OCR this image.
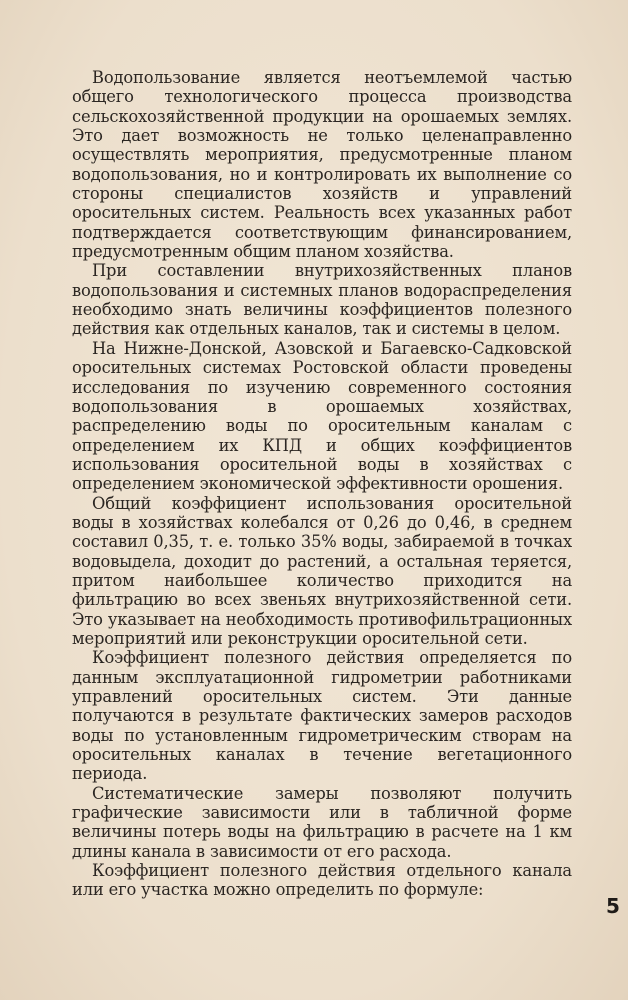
Водопользование является неотъемлемой частью общего технологического процесса производства сельскохозяйственной продукции на орошаемых землях. Это дает возможность не только целенаправленно осуществлять мероприятия, предусмотренные планом водопользования, но и контролировать их выполнение со стороны специалистов хозяйств и управлений оросительных систем. Реальность всех указанных работ подтверждается соответствующим финансированием, предусмотренным общим планом хозяйства.

При составлении внутрихозяйственных планов водопользования и системных планов водораспределения необходимо знать величины коэффициентов полезного действия как отдельных каналов, так и системы в целом.

На Нижне-Донской, Азовской и Багаевско-Садковской оросительных системах Ростовской области проведены исследования по изучению современного состояния водопользования в орошаемых хозяйствах, распределению воды по оросительным каналам с определением их КПД и общих коэффициентов использования оросительной воды в хозяйствах с определением экономической эффективности орошения.

Общий коэффициент использования оросительной воды в хозяйствах колебался от 0,26 до 0,46, в среднем составил 0,35, т. е. только 35% воды, забираемой в точках водовыдела, доходит до растений, а остальная теряется, притом наибольшее количество приходится на фильтрацию во всех звеньях внутрихозяйственной сети. Это указывает на необходимость противофильтрационных мероприятий или реконструкции оросительной сети.

Коэффициент полезного действия определяется по данным эксплуатационной гидрометрии работниками управлений оросительных систем. Эти данные получаются в результате фактических замеров расходов воды по установленным гидрометрическим створам на оросительных каналах в течение вегетационного периода.

Систематические замеры позволяют получить графические зависимости или в табличной форме величины потерь воды на фильтрацию в расчете на 1 км длины канала в зависимости от его расхода.

Коэффициент полезного действия отдельного канала или его участка можно определить по формуле:

5
